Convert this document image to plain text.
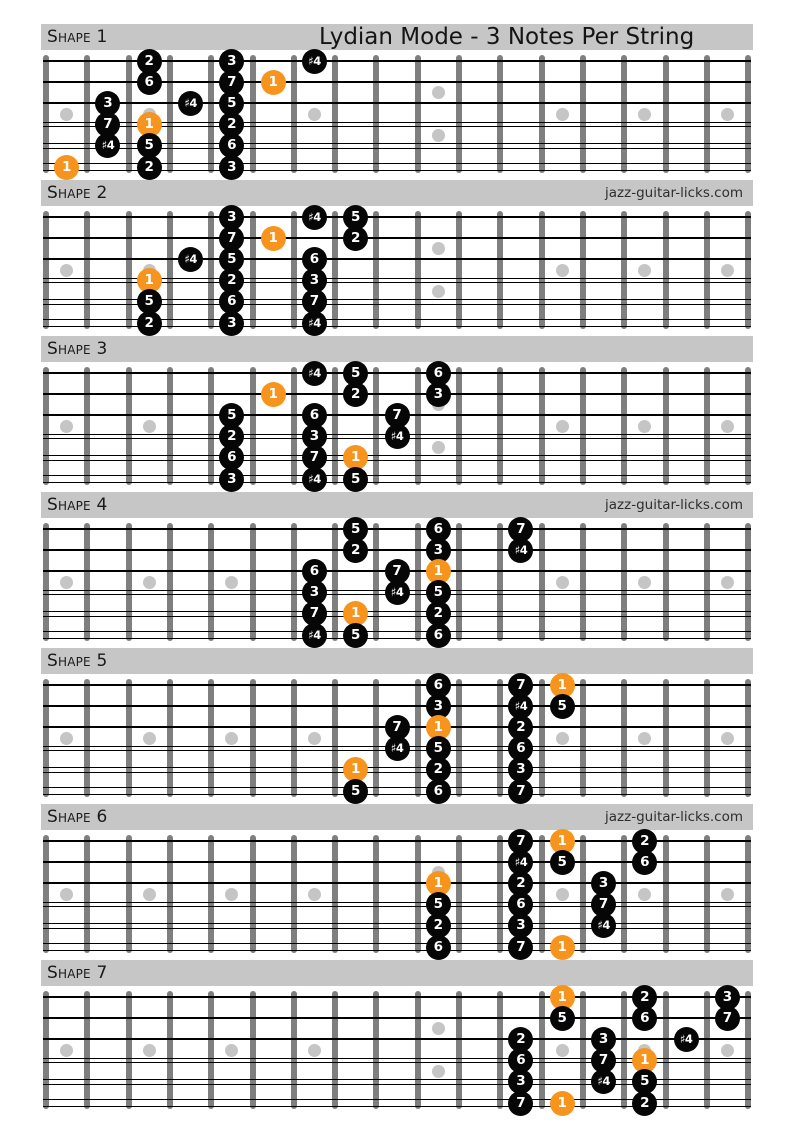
Shape 1	Lydian Mode - 3 Notes Per String
2	3	♯4
6	7	1
3	♯4	5
7	1	2
♯4	5	6
1	2	3
Shape 2	jazz-guitar-licks.com
3	♯4	5
7	1	2
♯4	5	6
1	2	3
5	6	7
2	3	♯4
Shape 3
♯4	5	6
1	2	3
5	6	7
2	3	♯4
6	7	1
3	♯4	5
Shape 4	jazz-guitar-licks.com
5	6	7
2	3	♯4
6	7	1
3	♯4	5
7	1	2
♯4	5	6
Shape 5
6	7	1
3	♯4	5
7	1	2
♯4	5	6
1	2	3
5	6	7
Shape 6	jazz-guitar-licks.com
7	1	2
♯4	5	6
1	2	3
5	6	7
2	3	♯4
6	7	1
Shape 7
1	2	3
5	6	7
2	3	♯4
6	7	1
3	♯4	5
7	1	2
